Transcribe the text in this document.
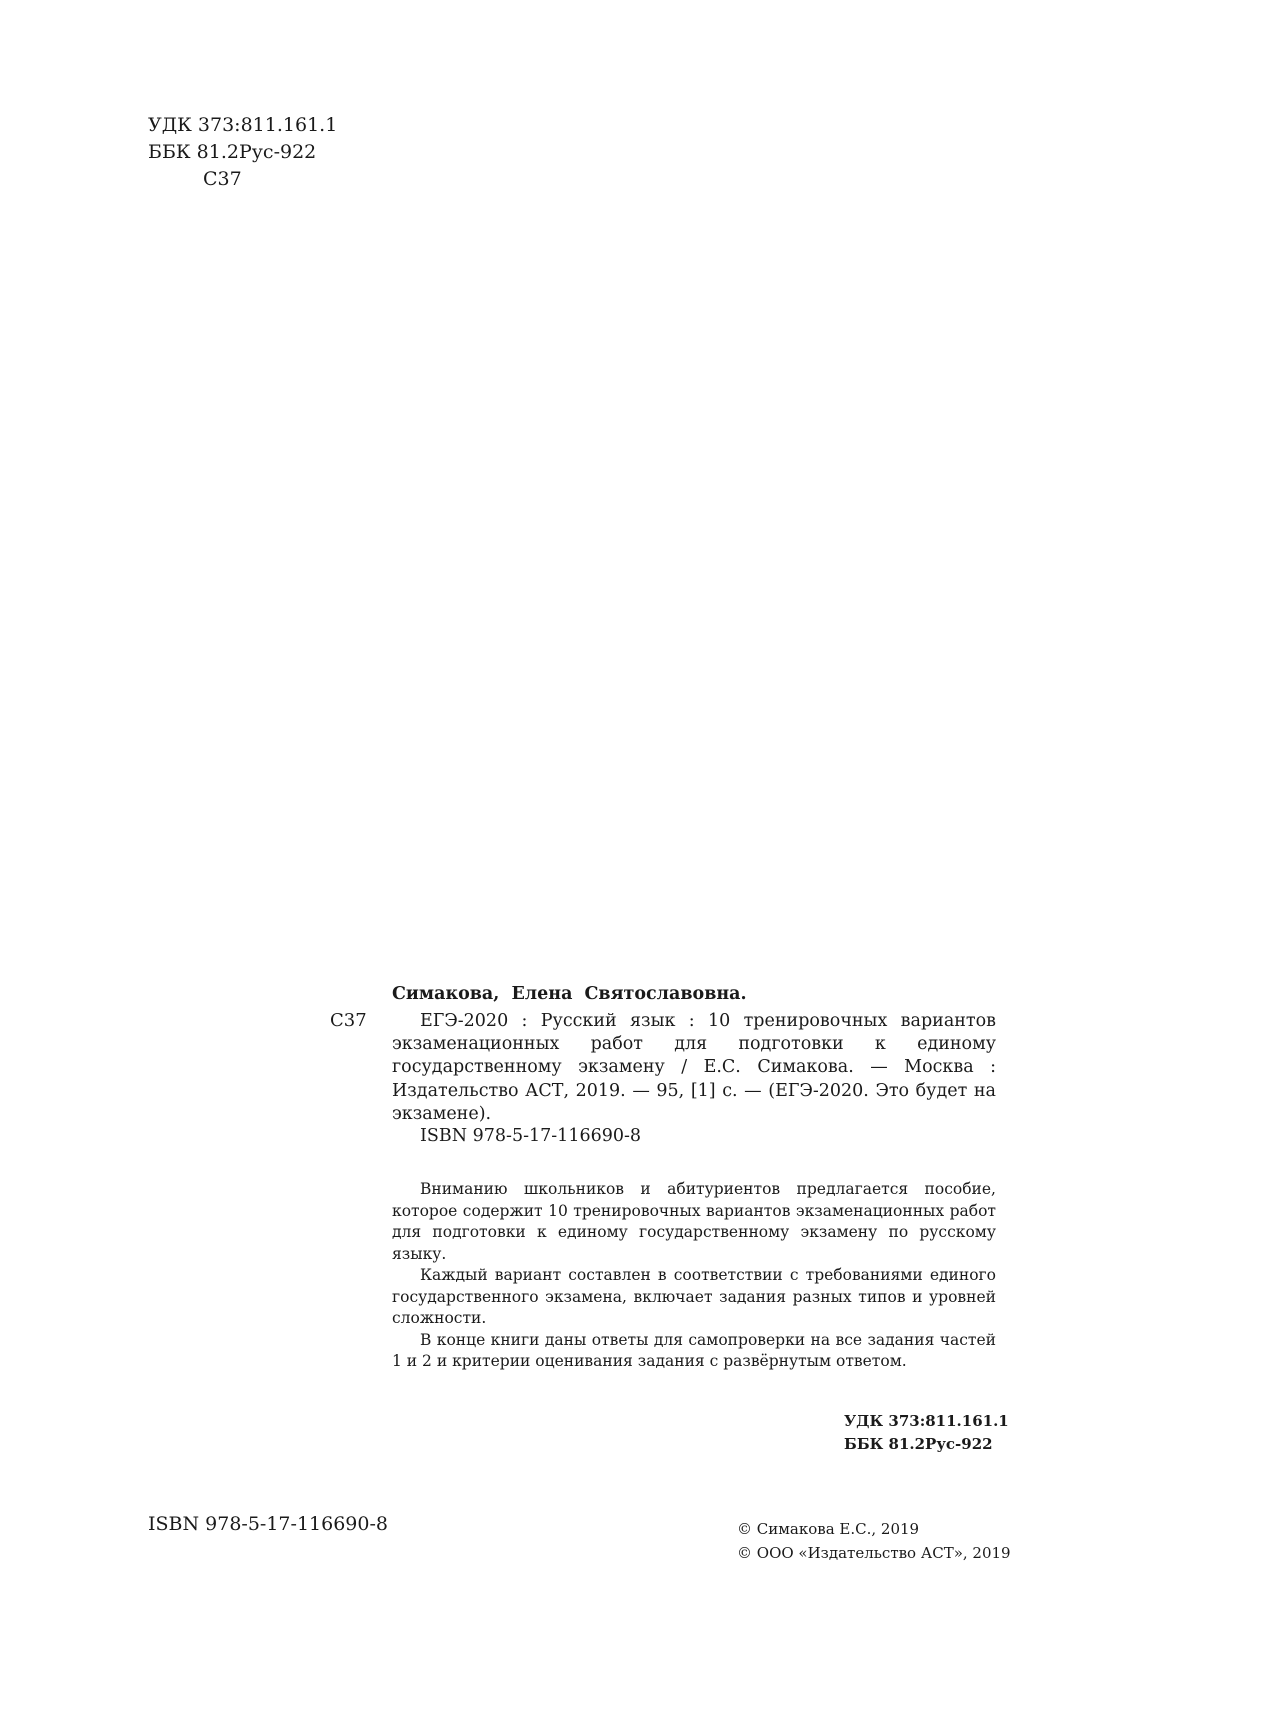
УДК 373:811.161.1
ББК 81.2Рус-922
С37
Симакова, Елена Святославовна.
С37	ЕГЭ-2020 : Русский язык : 10 тренировочных вариантов экзаменационных работ для подготовки к единому государственному экзамену / Е.С. Симакова. — Москва : Издательство АСТ, 2019. — 95, [1] с. — (ЕГЭ-2020. Это будет на экзамене).

ISBN 978-5-17-116690-8

Вниманию школьников и абитуриентов предлагается пособие, которое содержит 10 тренировочных вариантов экзаменационных работ для подготовки к единому государственному экзамену по русскому языку.

Каждый вариант составлен в соответствии с требованиями единого государственного экзамена, включает задания разных типов и уровней сложности.

В конце книги даны ответы для самопроверки на все задания частей 1 и 2 и критерии оценивания задания с развёрнутым ответом.

УДК 373:811.161.1
ББК 81.2Рус-922
ISBN 978-5-17-116690-8	© Симакова Е.С., 2019
© ООО «Издательство АСТ», 2019
